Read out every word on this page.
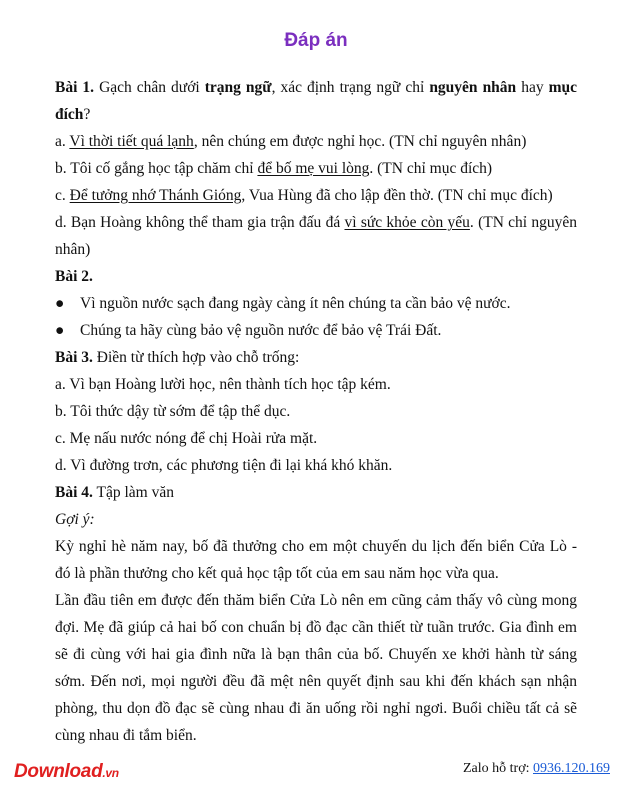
Đáp án

Bài 1. Gạch chân dưới trạng ngữ, xác định trạng ngữ chỉ nguyên nhân hay mục đích?

a. Vì thời tiết quá lạnh, nên chúng em được nghỉ học. (TN chỉ nguyên nhân)

b. Tôi cố gắng học tập chăm chỉ để bố mẹ vui lòng. (TN chỉ mục đích)

c. Để tưởng nhớ Thánh Gióng, Vua Hùng đã cho lập đền thờ. (TN chỉ mục đích)

d. Bạn Hoàng không thể tham gia trận đấu đá vì sức khỏe còn yếu. (TN chỉ nguyên nhân)

Bài 2.

● Vì nguồn nước sạch đang ngày càng ít nên chúng ta cần bảo vệ nước.

● Chúng ta hãy cùng bảo vệ nguồn nước để bảo vệ Trái Đất.

Bài 3. Điền từ thích hợp vào chỗ trống:

a. Vì bạn Hoàng lười học, nên thành tích học tập kém.

b. Tôi thức dậy từ sớm để tập thể dục.

c. Mẹ nấu nước nóng để chị Hoài rửa mặt.

d. Vì đường trơn, các phương tiện đi lại khá khó khăn.

Bài 4. Tập làm văn

Gợi ý:

Kỳ nghỉ hè năm nay, bố đã thưởng cho em một chuyến du lịch đến biển Cửa Lò - đó là phần thưởng cho kết quả học tập tốt của em sau năm học vừa qua.

Lần đầu tiên em được đến thăm biển Cửa Lò nên em cũng cảm thấy vô cùng mong đợi. Mẹ đã giúp cả hai bố con chuẩn bị đồ đạc cần thiết từ tuần trước. Gia đình em sẽ đi cùng với hai gia đình nữa là bạn thân của bố. Chuyến xe khởi hành từ sáng sớm. Đến nơi, mọi người đều đã mệt nên quyết định sau khi đến khách sạn nhận phòng, thu dọn đồ đạc sẽ cùng nhau đi ăn uống rồi nghỉ ngơi. Buổi chiều tất cả sẽ cùng nhau đi tắm biển.

Download.vn	Zalo hỗ trợ: 0936.120.169
